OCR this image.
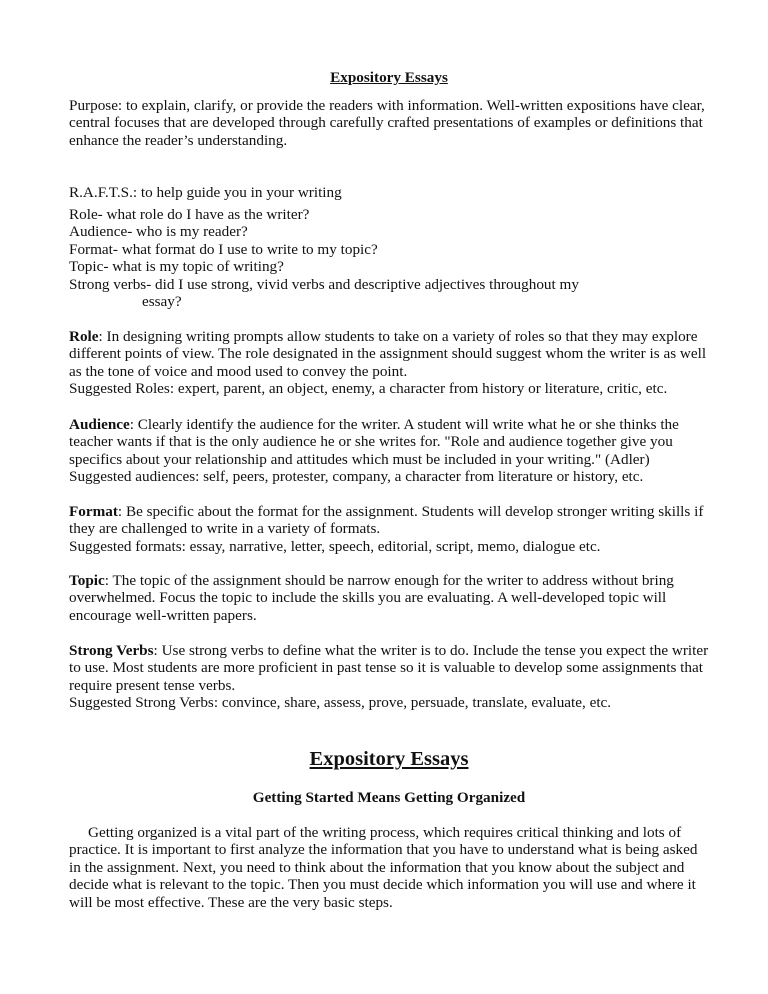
Expository Essays

Purpose: to explain, clarify, or provide the readers with information. Well-written expositions have clear, central focuses that are developed through carefully crafted presentations of examples or definitions that enhance the reader’s understanding.

R.A.F.T.S.: to help guide you in your writing

Role- what role do I have as the writer?

Audience- who is my reader?

Format- what format do I use to write to my topic?

Topic- what is my topic of writing?

Strong verbs- did I use strong, vivid verbs and descriptive adjectives throughout my

essay?

Role: In designing writing prompts allow students to take on a variety of roles so that they may explore different points of view. The role designated in the assignment should suggest whom the writer is as well as the tone of voice and mood used to convey the point.

Suggested Roles: expert, parent, an object, enemy, a character from history or literature, critic, etc.

Audience: Clearly identify the audience for the writer. A student will write what he or she thinks the teacher wants if that is the only audience he or she writes for. "Role and audience together give you specifics about your relationship and attitudes which must be included in your writing." (Adler)

Suggested audiences: self, peers, protester, company, a character from literature or history, etc.

Format: Be specific about the format for the assignment. Students will develop stronger writing skills if they are challenged to write in a variety of formats.

Suggested formats: essay, narrative, letter, speech, editorial, script, memo, dialogue etc.

Topic: The topic of the assignment should be narrow enough for the writer to address without bring overwhelmed. Focus the topic to include the skills you are evaluating. A well-developed topic will encourage well-written papers.

Strong Verbs: Use strong verbs to define what the writer is to do. Include the tense you expect the writer to use. Most students are more proficient in past tense so it is valuable to develop some assignments that require present tense verbs.

Suggested Strong Verbs: convince, share, assess, prove, persuade, translate, evaluate, etc.

Expository Essays
Getting Started Means Getting Organized

Getting organized is a vital part of the writing process, which requires critical thinking and lots of practice. It is important to first analyze the information that you have to understand what is being asked in the assignment. Next, you need to think about the information that you know about the subject and decide what is relevant to the topic. Then you must decide which information you will use and where it will be most effective. These are the very basic steps.
